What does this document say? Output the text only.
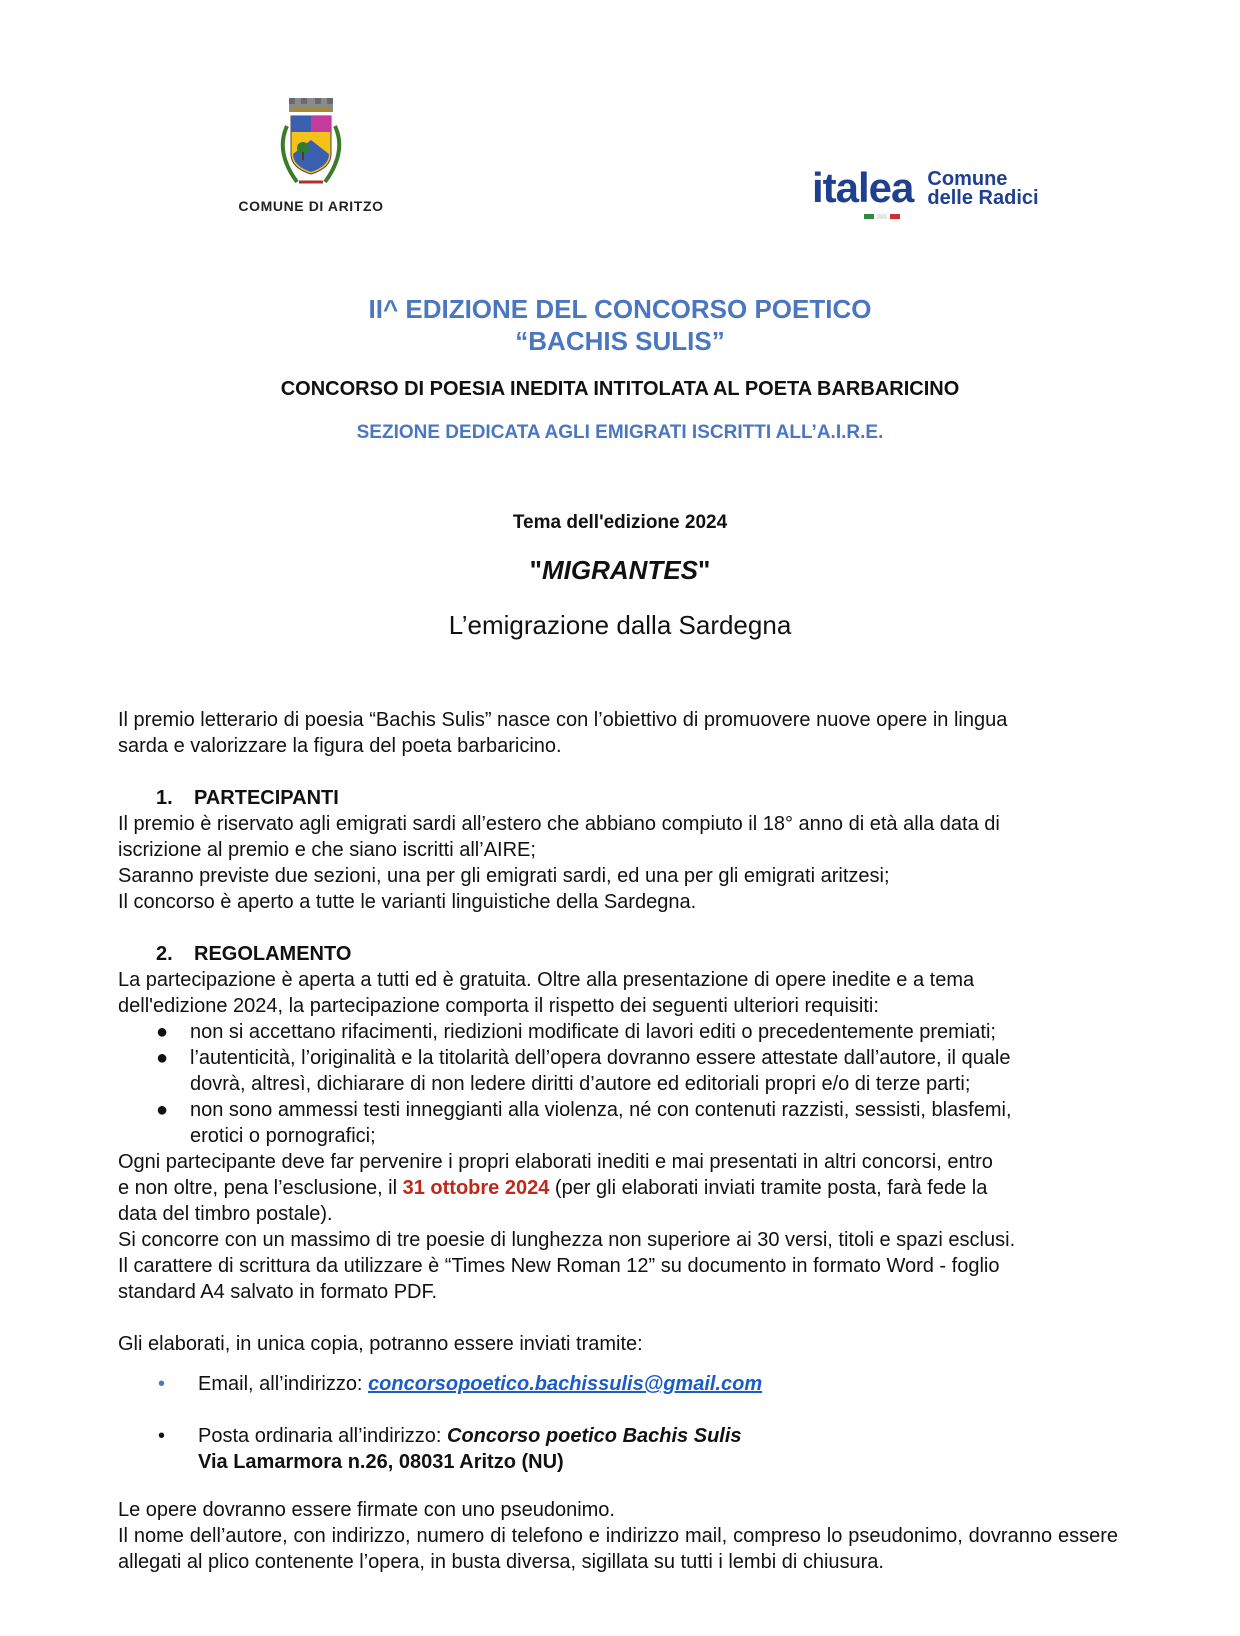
COMUNE DI ARITZO	italea Comune
delle Radici
II^ EDIZIONE DEL CONCORSO POETICO
“BACHIS SULIS”
CONCORSO DI POESIA INEDITA INTITOLATA AL POETA BARBARICINO
SEZIONE DEDICATA AGLI EMIGRATI ISCRITTI ALL’A.I.R.E.
Tema dell'edizione 2024
"MIGRANTES"
L’emigrazione dalla Sardegna

Il premio letterario di poesia “Bachis Sulis” nasce con l’obiettivo di promuovere nuove opere in lingua

sarda e valorizzare la figura del poeta barbaricino.

1. PARTECIPANTI

Il premio è riservato agli emigrati sardi all’estero che abbiano compiuto il 18° anno di età alla data di

iscrizione al premio e che siano iscritti all’AIRE;

Saranno previste due sezioni, una per gli emigrati sardi, ed una per gli emigrati aritzesi;

Il concorso è aperto a tutte le varianti linguistiche della Sardegna.

2. REGOLAMENTO

La partecipazione è aperta a tutti ed è gratuita. Oltre alla presentazione di opere inedite e a tema

dell'edizione 2024, la partecipazione comporta il rispetto dei seguenti ulteriori requisiti:

● non si accettano rifacimenti, riedizioni modificate di lavori editi o precedentemente premiati;
● l’autenticità, l’originalità e la titolarità dell’opera dovranno essere attestate dall’autore, il quale
dovrà, altresì, dichiarare di non ledere diritti d’autore ed editoriali propri e/o di terze parti;
● non sono ammessi testi inneggianti alla violenza, né con contenuti razzisti, sessisti, blasfemi,
erotici o pornografici;

Ogni partecipante deve far pervenire i propri elaborati inediti e mai presentati in altri concorsi, entro

e non oltre, pena l’esclusione, il 31 ottobre 2024 (per gli elaborati inviati tramite posta, farà fede la

data del timbro postale).

Si concorre con un massimo di tre poesie di lunghezza non superiore ai 30 versi, titoli e spazi esclusi.

Il carattere di scrittura da utilizzare è “Times New Roman 12” su documento in formato Word - foglio

standard A4 salvato in formato PDF.

Gli elaborati, in unica copia, potranno essere inviati tramite:

• Email, all’indirizzo: concorsopoetico.bachissulis@gmail.com
• Posta ordinaria all’indirizzo: Concorso poetico Bachis Sulis
Via Lamarmora n.26, 08031 Aritzo (NU)

Le opere dovranno essere firmate con uno pseudonimo.

Il nome dell’autore, con indirizzo, numero di telefono e indirizzo mail, compreso lo pseudonimo, dovranno essere allegati al plico contenente l’opera, in busta diversa, sigillata su tutti i lembi di chiusura.
